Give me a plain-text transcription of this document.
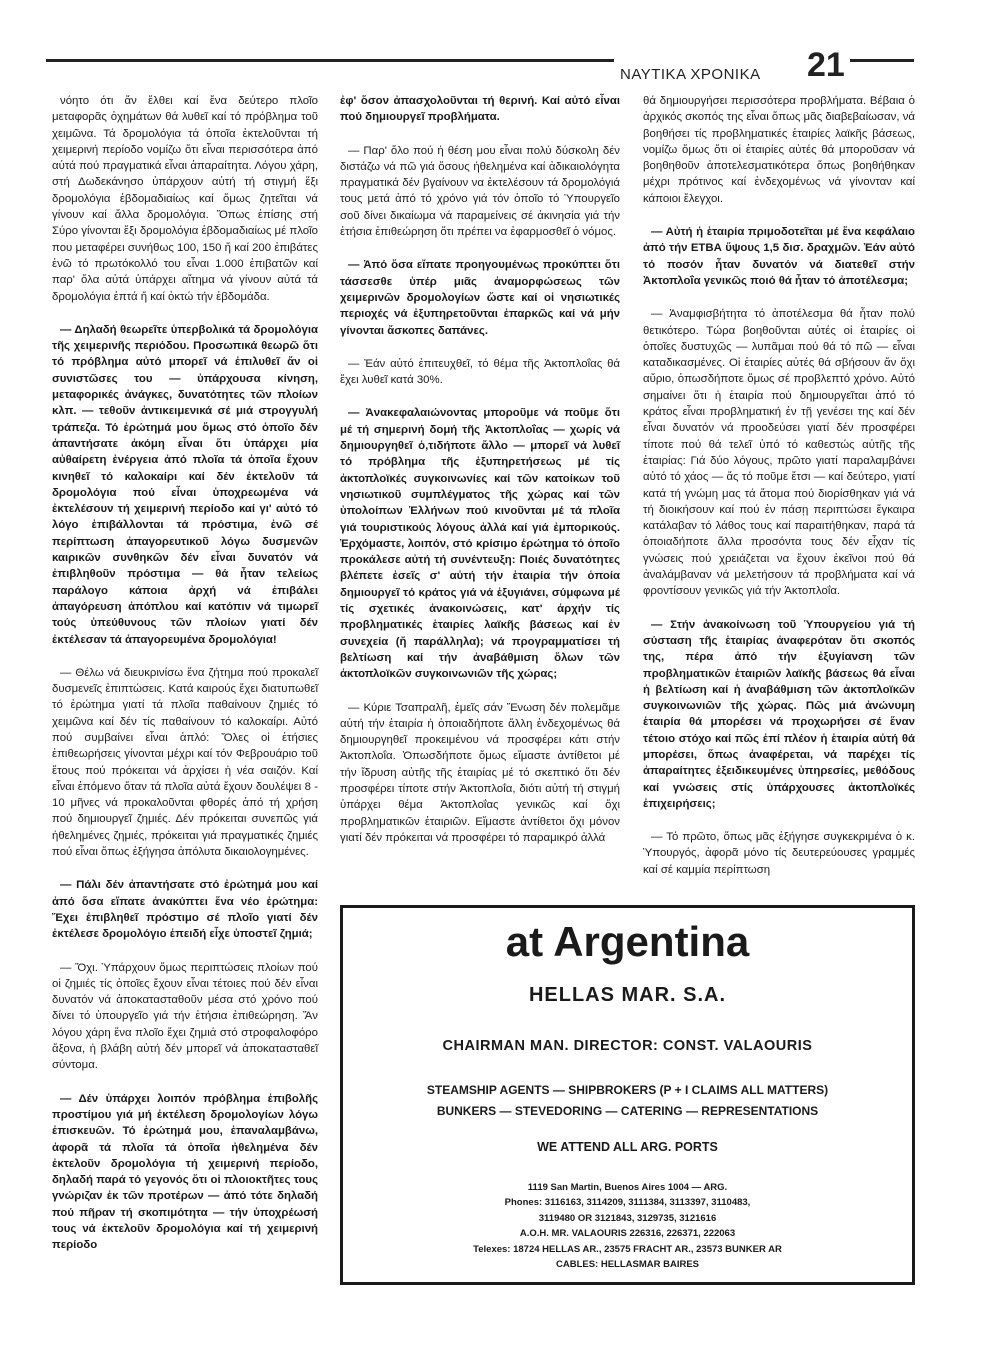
ΝΑΥΤΙΚΑ ΧΡΟΝΙΚΑ	21

νόητο ότι ἄν ἔλθει καί ἕνα δεύτερο πλοῖο μεταφορᾶς ὀχημάτων θά λυθεῖ καί τό πρόβλημα τοῦ χειμῶνα. Τά δρομολόγια τά ὁποῖα ἐκτελοῦνται τή χειμερινή περίοδο νομίζω ὅτι εἶναι περισσότερα ἀπό αὐτά πού πραγματικά εἶναι ἀπαραίτητα. Λόγου χάρη, στή Δωδεκάνησο ὑπάρχουν αὐτή τή στιγμή ἕξι δρομολόγια ἑβδομαδιαίως καί ὅμως ζητεῖται νά γίνουν καί ἄλλα δρομολόγια. Ὅπως ἐπίσης στή Σύρο γίνονται ἕξι δρομολόγια ἑβδομαδιαίως μέ πλοῖο που μεταφέρει συνήθως 100, 150 ἤ καί 200 ἐπιβάτες ἐνῶ τό πρωτόκολλό του εἶναι 1.000 ἐπιβατῶν καί παρ' ὅλα αὐτά ὑπάρχει αἴτημα νά γίνουν αὐτά τά δρομολόγια ἑπτά ἤ καί ὀκτώ τήν ἑβδομάδα.

— Δηλαδή θεωρεῖτε ὑπερβολικά τά δρομολόγια τῆς χειμερινῆς περιόδου. Προσωπικά θεωρῶ ὅτι τό πρόβλημα αὐτό μπορεῖ νά ἐπιλυθεῖ ἄν οἱ συνιστῶσες του — ὑπάρχουσα κίνηση, μεταφορικές ἀνάγκες, δυνατότητες τῶν πλοίων κλπ. — τεθοῦν ἀντικειμενικά σέ μιά στρογγυλή τράπεζα. Τό ἐρώτημά μου ὅμως στό ὁποῖο δέν ἀπαντήσατε ἀκόμη εἶναι ὅτι ὑπάρχει μία αὐθαίρετη ἐνέργεια ἀπό πλοῖα τά ὁποῖα ἔχουν κινηθεῖ τό καλοκαίρι καί δέν ἐκτελοῦν τά δρομολόγια πού εἶναι ὑποχρεωμένα νά ἐκτελέσουν τή χειμερινή περίοδο καί γι' αὐτό τό λόγο ἐπιβάλλονται τά πρόστιμα, ἐνῶ σέ περίπτωση ἀπαγορευτικοῦ λόγω δυσμενῶν καιρικῶν συνθηκῶν δέν εἶναι δυνατόν νά ἐπιβληθοῦν πρόστιμα — θά ἦταν τελείως παράλογο κάποια ἀρχή νά ἐπιβάλει ἀπαγόρευση ἀπόπλου καί κατόπιν νά τιμωρεῖ τούς ὑπεύθυνους τῶν πλοίων γιατί δέν ἐκτέλεσαν τά ἀπαγορευμένα δρομολόγια!

— Θέλω νά διευκρινίσω ἕνα ζήτημα πού προκαλεῖ δυσμενεῖς ἐπιπτώσεις. Κατά καιρούς ἔχει διατυπωθεῖ τό ἐρώτημα γιατί τά πλοῖα παθαίνουν ζημιές τό χειμῶνα καί δέν τίς παθαίνουν τό καλοκαίρι. Αὐτό πού συμβαίνει εἶναι ἁπλό: Ὅλες οἱ ἐτήσιες ἐπιθεωρήσεις γίνονται μέχρι καί τόν Φεβρουάριο τοῦ ἔτους πού πρόκειται νά ἀρχίσει ἡ νέα σαιζόν. Καί εἶναι ἑπόμενο ὅταν τά πλοῖα αὐτά ἔχουν δουλέψει 8 - 10 μῆνες νά προκαλοῦνται φθορές ἀπό τή χρήση πού δημιουργεῖ ζημιές. Δέν πρόκειται συνεπῶς γιά ἠθελημένες ζημιές, πρόκειται γιά πραγματικές ζημιές πού εἶναι ὅπως ἐξήγησα ἀπόλυτα δικαιολογημένες.

— Πάλι δέν ἀπαντήσατε στό ἐρώτημά μου καί ἀπό ὅσα εἴπατε ἀνακύπτει ἕνα νέο ἐρώτημα: Ἔχει ἐπιβληθεῖ πρόστιμο σέ πλοῖο γιατί δέν ἐκτέλεσε δρομολόγιο ἐπειδή εἶχε ὑποστεῖ ζημιά;

— Ὄχι. Ὑπάρχουν ὅμως περιπτώσεις πλοίων πού οἱ ζημιές τίς ὁποῖες ἔχουν εἶναι τέτοιες πού δέν εἶναι δυνατόν νά ἀποκατασταθοῦν μέσα στό χρόνο πού δίνει τό ὑπουργεῖο γιά τήν ἐτήσια ἐπιθεώρηση. Ἄν λόγου χάρη ἕνα πλοῖο ἔχει ζημιά στό στροφαλοφόρο ἄξονα, ἡ βλάβη αὐτή δέν μπορεῖ νά ἀποκατασταθεῖ σύντομα.

— Δέν ὑπάρχει λοιπόν πρόβλημα ἐπιβολῆς προστίμου γιά μή ἐκτέλεση δρομολογίων λόγω ἐπισκευῶν. Τό ἐρώτημά μου, ἐπαναλαμβάνω, ἀφορᾶ τά πλοῖα τά ὁποῖα ἠθελημένα δέν ἐκτελοῦν δρομολόγια τή χειμερινή περίοδο, δηλαδή παρά τό γεγονός ὅτι οἱ πλοιοκτῆτες τους γνώριζαν ἐκ τῶν προτέρων — ἀπό τότε δηλαδή πού πῆραν τή σκοπιμότητα — τήν ὑποχρέωσή τους νά ἐκτελοῦν δρομολόγια καί τή χειμερινή περίοδο

ἐφ' ὅσον ἀπασχολοῦνται τή θερινή. Καί αὐτό εἶναι πού δημιουργεῖ προβλήματα.

— Παρ' ὅλο πού ἡ θέση μου εἶναι πολύ δύσκολη δέν διστάζω νά πῶ γιά ὅσους ἠθελημένα καί ἀδικαιολόγητα πραγματικά δέν βγαίνουν να ἐκτελέσουν τά δρομολόγιά τους μετά ἀπό τό χρόνο γιά τόν ὁποῖο τό Ὑπουργεῖο σοῦ δίνει δικαίωμα νά παραμείνεις σέ ἀκινησία γιά τήν ἐτήσια ἐπιθεώρηση ὅτι πρέπει να ἐφαρμοσθεῖ ὁ νόμος.

— Ἀπό ὅσα εἴπατε προηγουμένως προκύπτει ὅτι τάσσεσθε ὑπέρ μιᾶς ἀναμορφώσεως τῶν χειμερινῶν δρομολογίων ὥστε καί οἱ νησιωτικές περιοχές νά ἐξυπηρετοῦνται ἐπαρκῶς καί νά μήν γίνονται ἄσκοπες δαπάνες.

— Ἐάν αὐτό ἐπιτευχθεῖ, τό θέμα τῆς Ἀκτοπλοΐας θά ἔχει λυθεῖ κατά 30%.

— Ἀνακεφαλαιώνοντας μποροῦμε νά ποῦμε ὅτι μέ τή σημερινή δομή τῆς Ἀκτοπλοΐας — χωρίς νά δημιουργηθεῖ ὁ,τιδήποτε ἄλλο — μπορεῖ νά λυθεῖ τό πρόβλημα τῆς ἐξυπηρετήσεως μέ τίς ἀκτοπλοϊκές συγκοινωνίες καί τῶν κατοίκων τοῦ νησιωτικοῦ συμπλέγματος τῆς χώρας καί τῶν ὑπολοίπων Ἑλλήνων πού κινοῦνται μέ τά πλοῖα γιά τουριστικούς λόγους ἀλλά καί γιά ἐμπορικούς. Ἐρχόμαστε, λοιπόν, στό κρίσιμο ἐρώτημα τό ὁποῖο προκάλεσε αὐτή τή συνέντευξη: Ποιές δυνατότητες βλέπετε ἐσεῖς σ' αὐτή τήν ἑταιρία τήν ὁποία δημιουργεῖ τό κράτος γιά νά ἐξυγιάνει, σύμφωνα μέ τίς σχετικές ἀνακοινώσεις, κατ' ἀρχήν τίς προβληματικές ἑταιρίες λαϊκῆς βάσεως καί ἐν συνεχεία (ἤ παράλληλα); νά προγραμματίσει τή βελτίωση καί τήν ἀναβάθμιση ὅλων τῶν ἀκτοπλοϊκῶν συγκοινωνιῶν τῆς χώρας;

— Κύριε Τσαπραλῆ, ἐμεῖς σάν Ἔνωση δέν πολεμᾶμε αὐτή τήν ἑταιρία ἡ ὁποιαδήποτε ἄλλη ἐνδεχομένως θά δημιουργηθεῖ προκειμένου νά προσφέρει κάτι στήν Ἀκτοπλοΐα. Ὁπωσδήποτε ὅμως εἴμαστε ἀντίθετοι μέ τήν ἵδρυση αὐτῆς τῆς ἑταιρίας μέ τό σκεπτικό ὅτι δέν προσφέρει τίποτε στήν Ἀκτοπλοΐα, διότι αὐτή τή στιγμή ὑπάρχει θέμα Ἀκτοπλοΐας γενικῶς καί ὄχι προβληματικῶν ἑταιριῶν. Εἴμαστε ἀντίθετοι ὄχι μόνον γιατί δέν πρόκειται νά προσφέρει τό παραμικρό ἀλλά

θά δημιουργήσει περισσότερα προβλήματα. Βέβαια ὁ ἀρχικός σκοπός της εἶναι ὅπως μᾶς διαβεβαίωσαν, νά βοηθήσει τίς προβληματικές ἑταιρίες λαϊκῆς βάσεως, νομίζω ὅμως ὅτι οἱ ἑταιρίες αὐτές θά μποροῦσαν νά βοηθηθοῦν ἀποτελεσματικότερα ὅπως βοηθήθηκαν μέχρι πρότινος καί ἐνδεχομένως νά γίνονταν καί κάποιοι ἔλεγχοι.

— Αὐτή ἡ ἑταιρία πριμοδοτεῖται μέ ἕνα κεφάλαιο ἀπό τήν ΕΤΒΑ ὕψους 1,5 δισ. δραχμῶν. Ἐάν αὐτό τό ποσόν ἦταν δυνατόν νά διατεθεῖ στήν Ἀκτοπλοΐα γενικῶς ποιό θά ἦταν τό ἀποτέλεσμα;

— Ἀναμφισβήτητα τό ἀποτέλεσμα θά ἦταν πολύ θετικότερο. Τώρα βοηθοῦνται αὐτές οἱ ἑταιρίες οἱ ὁποῖες δυστυχῶς — λυπᾶμαι πού θά τό πῶ — εἶναι καταδικασμένες. Οἱ ἑταιρίες αὐτές θά σβήσουν ἄν ὄχι αὔριο, ὁπωσδήποτε ὅμως σέ προβλεπτό χρόνο. Αὐτό σημαίνει ὅτι ἡ ἑταιρία πού δημιουργεῖται ἀπό τό κράτος εἶναι προβληματική ἐν τῇ γενέσει της καί δέν εἶναι δυνατόν νά προοδεύσει γιατί δέν προσφέρει τίποτε πού θά τελεῖ ὑπό τό καθεστώς αὐτῆς τῆς ἑταιρίας: Γιά δύο λόγους, πρῶτο γιατί παραλαμβάνει αὐτό τό χάος — ἄς τό ποῦμε ἔτσι — καί δεύτερο, γιατί κατά τή γνώμη μας τά ἄτομα πού διορίσθηκαν γιά νά τή διοικήσουν καί πού ἐν πάσῃ περιπτώσει ἔγκαιρα κατάλαβαν τό λάθος τους καί παραιτήθηκαν, παρά τά ὁποιαδήποτε ἄλλα προσόντα τους δέν εἶχαν τίς γνώσεις πού χρειάζεται να ἔχουν ἐκεῖνοι πού θά ἀναλάμβαναν νά μελετήσουν τά προβλήματα καί νά φροντίσουν γενικῶς γιά τήν Ἀκτοπλοΐα.

— Στήν ἀνακοίνωση τοῦ Ὑπουργείου γιά τή σύσταση τῆς ἑταιρίας ἀναφερόταν ὅτι σκοπός της, πέρα ἀπό τήν ἐξυγίανση τῶν προβληματικῶν ἑταιριῶν λαϊκῆς βάσεως θά εἶναι ἡ βελτίωση καί ἡ ἀναβάθμιση τῶν ἀκτοπλοϊκῶν συγκοινωνιῶν τῆς χώρας. Πῶς μιά ἀνώνυμη ἑταιρία θά μπορέσει νά προχωρήσει σέ ἕναν τέτοιο στόχο καί πῶς ἐπί πλέον ἡ ἑταιρία αὐτή θά μπορέσει, ὅπως ἀναφέρεται, νά παρέχει τίς ἀπαραίτητες ἐξειδικευμένες ὑπηρεσίες, μεθόδους καί γνώσεις στίς ὑπάρχουσες ἀκτοπλοϊκές ἐπιχειρήσεις;

— Τό πρῶτο, ὅπως μᾶς ἐξήγησε συγκεκριμένα ὁ κ. Ὑπουργός, ἀφορᾶ μόνο τίς δευτερεύουσες γραμμές καί σέ καμμία περίπτωση

at Argentina
HELLAS MAR. S.A.
CHAIRMAN MAN. DIRECTOR: CONST. VALAOURIS
STEAMSHIP AGENTS — SHIPBROKERS (P + I CLAIMS ALL MATTERS)
BUNKERS — STEVEDORING — CATERING — REPRESENTATIONS
WE ATTEND ALL ARG. PORTS
1119 San Martin, Buenos Aires 1004 — ARG.
Phones: 3116163, 3114209, 3111384, 3113397, 3110483,
3119480 OR 3121843, 3129735, 3121616
A.O.H. MR. VALAOURIS 226316, 226371, 222063
Telexes: 18724 HELLAS AR., 23575 FRACHT AR., 23573 BUNKER AR
CABLES: HELLASMAR BAIRES
